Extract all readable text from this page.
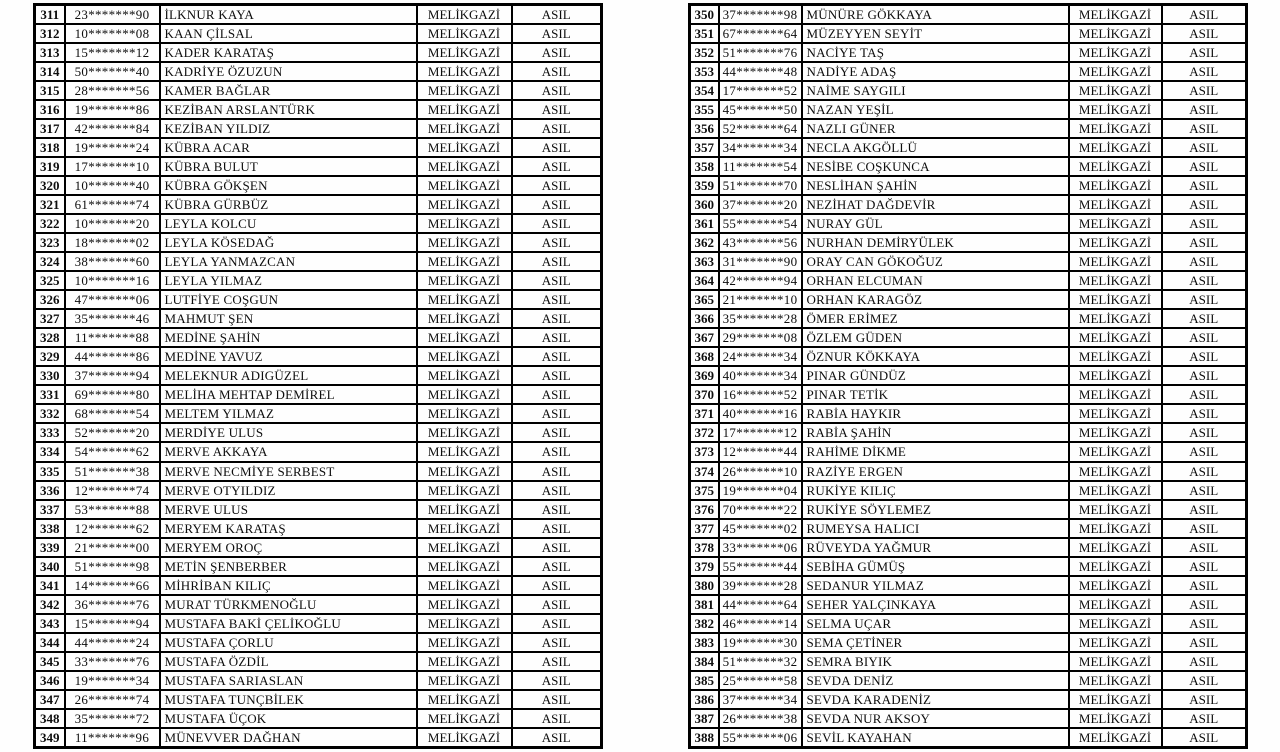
311	23*******90	İLKNUR KAYA	MELİKGAZİ	ASIL
312	10*******08	KAAN ÇİLSAL	MELİKGAZİ	ASIL
313	15*******12	KADER KARATAŞ	MELİKGAZİ	ASIL
314	50*******40	KADRİYE ÖZUZUN	MELİKGAZİ	ASIL
315	28*******56	KAMER BAĞLAR	MELİKGAZİ	ASIL
316	19*******86	KEZİBAN ARSLANTÜRK	MELİKGAZİ	ASIL
317	42*******84	KEZİBAN YILDIZ	MELİKGAZİ	ASIL
318	19*******24	KÜBRA ACAR	MELİKGAZİ	ASIL
319	17*******10	KÜBRA BULUT	MELİKGAZİ	ASIL
320	10*******40	KÜBRA GÖKŞEN	MELİKGAZİ	ASIL
321	61*******74	KÜBRA GÜRBÜZ	MELİKGAZİ	ASIL
322	10*******20	LEYLA KOLCU	MELİKGAZİ	ASIL
323	18*******02	LEYLA KÖSEDAĞ	MELİKGAZİ	ASIL
324	38*******60	LEYLA YANMAZCAN	MELİKGAZİ	ASIL
325	10*******16	LEYLA YILMAZ	MELİKGAZİ	ASIL
326	47*******06	LUTFİYE COŞGUN	MELİKGAZİ	ASIL
327	35*******46	MAHMUT ŞEN	MELİKGAZİ	ASIL
328	11*******88	MEDİNE ŞAHİN	MELİKGAZİ	ASIL
329	44*******86	MEDİNE YAVUZ	MELİKGAZİ	ASIL
330	37*******94	MELEKNUR ADIGÜZEL	MELİKGAZİ	ASIL
331	69*******80	MELİHA MEHTAP DEMİREL	MELİKGAZİ	ASIL
332	68*******54	MELTEM YILMAZ	MELİKGAZİ	ASIL
333	52*******20	MERDİYE ULUS	MELİKGAZİ	ASIL
334	54*******62	MERVE AKKAYA	MELİKGAZİ	ASIL
335	51*******38	MERVE NECMİYE SERBEST	MELİKGAZİ	ASIL
336	12*******74	MERVE OTYILDIZ	MELİKGAZİ	ASIL
337	53*******88	MERVE ULUS	MELİKGAZİ	ASIL
338	12*******62	MERYEM KARATAŞ	MELİKGAZİ	ASIL
339	21*******00	MERYEM OROÇ	MELİKGAZİ	ASIL
340	51*******98	METİN ŞENBERBER	MELİKGAZİ	ASIL
341	14*******66	MİHRİBAN KILIÇ	MELİKGAZİ	ASIL
342	36*******76	MURAT TÜRKMENOĞLU	MELİKGAZİ	ASIL
343	15*******94	MUSTAFA BAKİ ÇELİKOĞLU	MELİKGAZİ	ASIL
344	44*******24	MUSTAFA ÇORLU	MELİKGAZİ	ASIL
345	33*******76	MUSTAFA ÖZDİL	MELİKGAZİ	ASIL
346	19*******34	MUSTAFA SARIASLAN	MELİKGAZİ	ASIL
347	26*******74	MUSTAFA TUNÇBİLEK	MELİKGAZİ	ASIL
348	35*******72	MUSTAFA ÜÇOK	MELİKGAZİ	ASIL
349	11*******96	MÜNEVVER DAĞHAN	MELİKGAZİ	ASIL
350	37*******98	MÜNÜRE GÖKKAYA	MELİKGAZİ	ASIL
351	67*******64	MÜZEYYEN SEYİT	MELİKGAZİ	ASIL
352	51*******76	NACİYE TAŞ	MELİKGAZİ	ASIL
353	44*******48	NADİYE ADAŞ	MELİKGAZİ	ASIL
354	17*******52	NAİME SAYGILI	MELİKGAZİ	ASIL
355	45*******50	NAZAN YEŞİL	MELİKGAZİ	ASIL
356	52*******64	NAZLI GÜNER	MELİKGAZİ	ASIL
357	34*******34	NECLA AKGÖLLÜ	MELİKGAZİ	ASIL
358	11*******54	NESİBE COŞKUNCA	MELİKGAZİ	ASIL
359	51*******70	NESLİHAN ŞAHİN	MELİKGAZİ	ASIL
360	37*******20	NEZİHAT DAĞDEVİR	MELİKGAZİ	ASIL
361	55*******54	NURAY GÜL	MELİKGAZİ	ASIL
362	43*******56	NURHAN DEMİRYÜLEK	MELİKGAZİ	ASIL
363	31*******90	ORAY CAN GÖKOĞUZ	MELİKGAZİ	ASIL
364	42*******94	ORHAN ELCUMAN	MELİKGAZİ	ASIL
365	21*******10	ORHAN KARAGÖZ	MELİKGAZİ	ASIL
366	35*******28	ÖMER ERİMEZ	MELİKGAZİ	ASIL
367	29*******08	ÖZLEM GÜDEN	MELİKGAZİ	ASIL
368	24*******34	ÖZNUR KÖKKAYA	MELİKGAZİ	ASIL
369	40*******34	PINAR GÜNDÜZ	MELİKGAZİ	ASIL
370	16*******52	PINAR TETİK	MELİKGAZİ	ASIL
371	40*******16	RABİA HAYKIR	MELİKGAZİ	ASIL
372	17*******12	RABİA ŞAHİN	MELİKGAZİ	ASIL
373	12*******44	RAHİME DİKME	MELİKGAZİ	ASIL
374	26*******10	RAZİYE ERGEN	MELİKGAZİ	ASIL
375	19*******04	RUKİYE KILIÇ	MELİKGAZİ	ASIL
376	70*******22	RUKİYE SÖYLEMEZ	MELİKGAZİ	ASIL
377	45*******02	RUMEYSA HALICI	MELİKGAZİ	ASIL
378	33*******06	RÜVEYDA YAĞMUR	MELİKGAZİ	ASIL
379	55*******44	SEBİHA GÜMÜŞ	MELİKGAZİ	ASIL
380	39*******28	SEDANUR YILMAZ	MELİKGAZİ	ASIL
381	44*******64	SEHER YALÇINKAYA	MELİKGAZİ	ASIL
382	46*******14	SELMA UÇAR	MELİKGAZİ	ASIL
383	19*******30	SEMA ÇETİNER	MELİKGAZİ	ASIL
384	51*******32	SEMRA BIYIK	MELİKGAZİ	ASIL
385	25*******58	SEVDA DENİZ	MELİKGAZİ	ASIL
386	37*******34	SEVDA KARADENİZ	MELİKGAZİ	ASIL
387	26*******38	SEVDA NUR AKSOY	MELİKGAZİ	ASIL
388	55*******06	SEVİL KAYAHAN	MELİKGAZİ	ASIL
